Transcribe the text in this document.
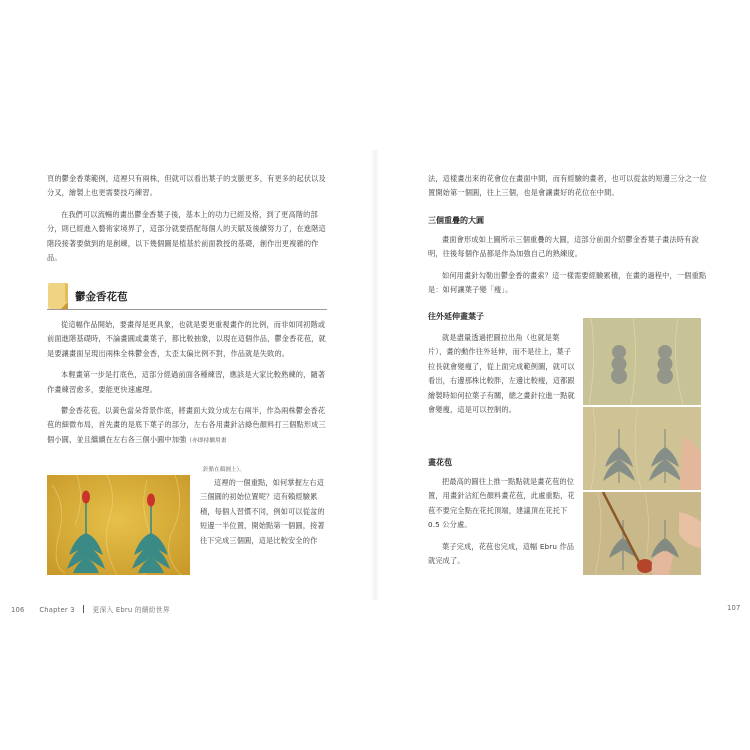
頁的鬱金香葉範例，這裡只有兩株，但就可以看出葉子的支脈更多，有更多的起伏以及分叉，繪製上也更需要技巧練習。

在我們可以流暢的畫出鬱金香葉子後，基本上的功力已經及格，到了更高階的部分，則已經進入藝術家境界了，這部分就要搭配每個人的天賦及後續努力了，在進階這階段接著要做到的是創練，以下幾個圖是植基於前面教授的基礎，創作出更複雜的作品。

鬱金香花苞

從這幅作品開始，要畫得是更具象，也就是要更重視畫作的比例，而非如同初階或前面進階基礎時，不論畫圓或畫葉子，都比較抽象，以現在這個作品，鬱金香花苞，就是要讓畫面呈現出兩株全株鬱金香，太歪太偏比例不對，作品就是失敗的。

本輕畫第一步是打底色，這部分經過前面各種練習，應該是大家比較熟練的，隨著作畫練習愈多，要能更快速處理。

鬱金香花苞，以黃色當朵背景作底，將畫面大致分成左右兩半，作為兩株鬱金香花苞的細微布局，首先畫的是底下葉子的部分，左右各用畫針沾綠色顏料打三個點形成三個小圓，並且繼續在左右各三個小圓中加強（亦即持續用畫

針點在顏圓上）。

這裡的一個重點，如何掌握左右這三個圓的初始位置呢？這有賴經驗累積，每個人習慣不同，例如可以從盆的短邊一半位置，開始點第一個圓，接著往下完成三個圓，這是比較安全的作

106 Chapter 3	更深入 Ebru 的繽紛世界

法，這樣畫出來的花會位在畫面中間，而有經驗的畫者，也可以從盆的短邊三分之一位置開始第一個圓，往上三個，也是會讓畫好的花位在中間。

三個重疊的大圓

畫面會形成如上圖所示三個重疊的大圓，這部分前面介紹鬱金香葉子畫法時有說明，往後每個作品都是作為加強自己的熟練度。

如何用畫針勾勒出鬱金香的畫索？這一樣需要經驗累積，在畫的過程中，一個重點是：如何讓葉子變「瘦」。

往外延伸畫葉子

就是盡量透過把圓拉出角（也就是葉片），畫的動作往外延伸，而不是往上，葉子拉長就會變瘦了，從上面完成範例圖，就可以看出，右邊那株比較胖，左邊比較瘦，這都跟繪製時如何拉葉子有關，總之畫針拉進一點就會變瘦，這是可以控制的。

畫花苞

把最高的圓往上推一點點就是畫花苞的位置，用畫針沾紅色顏料畫花苞，此處重點，花苞不要完全點在花托頂端，建議頂在花托下 0.5 公分處。

葉子完成，花苞也完成，這幅 Ebru 作品就完成了。

107
